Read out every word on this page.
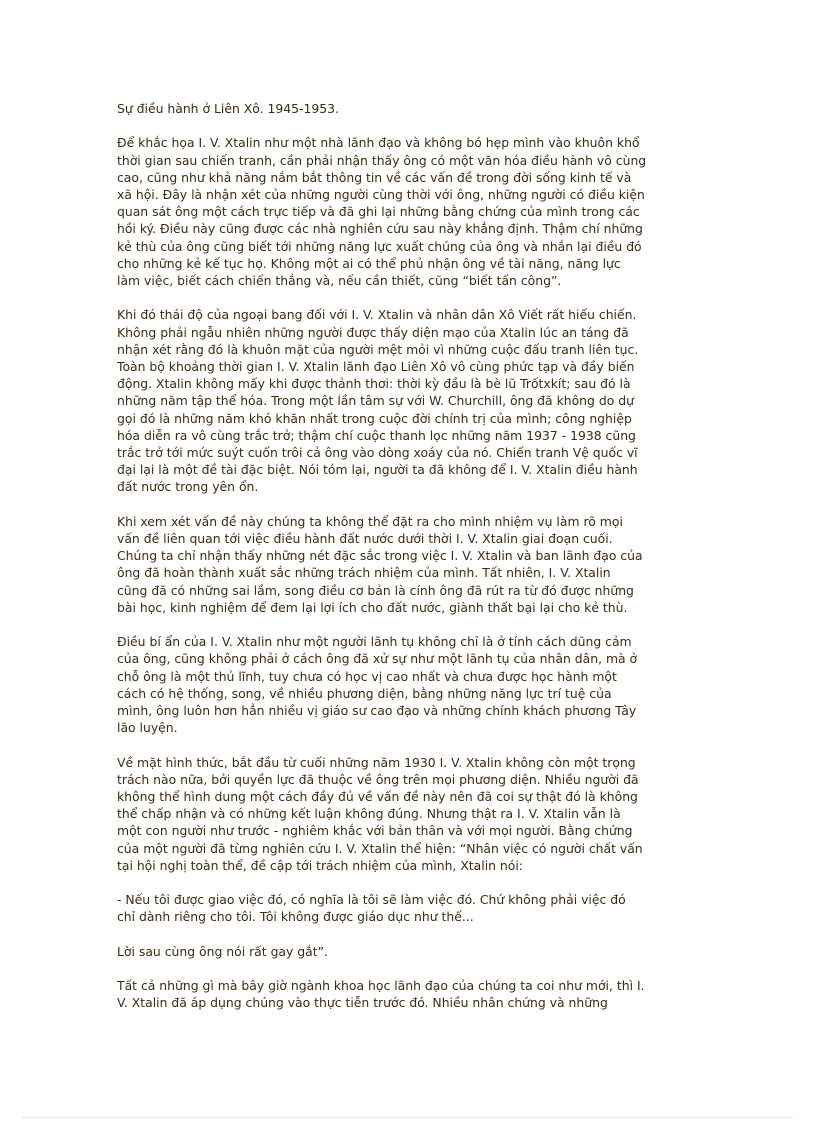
Sự điều hành ở Liên Xô. 1945-1953.

Để khắc họa I. V. Xtalin như một nhà lãnh đạo và không bó hẹp mình vào khuôn khổ
thời gian sau chiến tranh, cần phải nhận thấy ông có một văn hóa điều hành vô cùng
cao, cũng như khả năng nắm bắt thông tin về các vấn đề trong đời sống kinh tế và
xã hội. Đây là nhận xét của những người cùng thời với ông, những người có điều kiện
quan sát ông một cách trực tiếp và đã ghi lại những bằng chứng của mình trong các
hồi ký. Điều này cũng được các nhà nghiên cứu sau này khẳng định. Thậm chí những
kẻ thù của ông cũng biết tới những năng lực xuất chúng của ông và nhắn lại điều đó
cho những kẻ kế tục họ. Không một ai có thể phủ nhận ông về tài năng, năng lực
làm việc, biết cách chiến thắng và, nếu cần thiết, cũng “biết tấn công”.

Khi đó thái độ của ngoại bang đối với I. V. Xtalin và nhân dân Xô Viết rất hiếu chiến.
Không phải ngẫu nhiên những người được thấy diện mạo của Xtalin lúc an táng đã
nhận xét rằng đó là khuôn mặt của người mệt mỏi vì những cuộc đấu tranh liên tục.
Toàn bộ khoảng thời gian I. V. Xtalin lãnh đạo Liên Xô vô cùng phức tạp và đầy biến
động. Xtalin không mấy khi được thảnh thơi: thời kỳ đầu là bè lũ Trốtxkít; sau đó là
những năm tập thể hóa. Trong một lần tâm sự với W. Churchill, ông đã không do dự
gọi đó là những năm khó khăn nhất trong cuộc đời chính trị của mình; công nghiệp
hóa diễn ra vô cùng trắc trở; thậm chí cuộc thanh lọc những năm 1937 - 1938 cũng
trắc trở tới mức suýt cuốn trôi cả ông vào dòng xoáy của nó. Chiến tranh Vệ quốc vĩ
đại lại là một đề tài đặc biệt. Nói tóm lại, người ta đã không để I. V. Xtalin điều hành
đất nước trong yên ổn.

Khi xem xét vấn đề này chúng ta không thể đặt ra cho mình nhiệm vụ làm rõ mọi
vấn đề liên quan tới việc điều hành đất nước dưới thời I. V. Xtalin giai đoạn cuối.
Chúng ta chỉ nhận thấy những nét đặc sắc trong việc I. V. Xtalin và ban lãnh đạo của
ông đã hoàn thành xuất sắc những trách nhiệm của mình. Tất nhiên, I. V. Xtalin
cũng đã có những sai lầm, song điều cơ bản là cính ông đã rút ra từ đó được những
bài học, kinh nghiệm để đem lại lợi ích cho đất nước, giành thất bại lại cho kẻ thù.

Điều bí ẩn của I. V. Xtalin như một người lãnh tụ không chỉ là ở tính cách dũng cảm
của ông, cũng không phải ở cách ông đã xử sự như một lãnh tụ của nhân dân, mà ở
chỗ ông là một thủ lĩnh, tuy chưa có học vị cao nhất và chưa được học hành một
cách có hệ thống, song, về nhiều phương diện, bằng những năng lực trí tuệ của
mình, ông luôn hơn hẳn nhiều vị giáo sư cao đạo và những chính khách phương Tây
lão luyện.

Về mặt hình thức, bắt đầu từ cuối những năm 1930 I. V. Xtalin không còn một trọng
trách nào nữa, bởi quyền lực đã thuộc về ông trên mọi phương diện. Nhiều người đã
không thể hình dung một cách đầy đủ về vấn đề này nên đã coi sự thật đó là không
thể chấp nhận và có những kết luận không đúng. Nhưng thật ra I. V. Xtalin vẫn là
một con người như trước - nghiêm khắc với bản thân và với mọi người. Bằng chứng
của một người đã từng nghiên cứu I. V. Xtalin thể hiện: “Nhân việc có người chất vấn
tại hội nghị toàn thể, đề cập tới trách nhiệm của mình, Xtalin nói:

- Nếu tôi được giao việc đó, có nghĩa là tôi sẽ làm việc đó. Chứ không phải việc đó
chỉ dành riêng cho tôi. Tôi không được giáo dục như thế...

Lời sau cùng ông nói rất gay gắt”.

Tất cả những gì mà bây giờ ngành khoa học lãnh đạo của chúng ta coi như mới, thì I.
V. Xtalin đã áp dụng chúng vào thực tiễn trước đó. Nhiều nhân chứng và những
